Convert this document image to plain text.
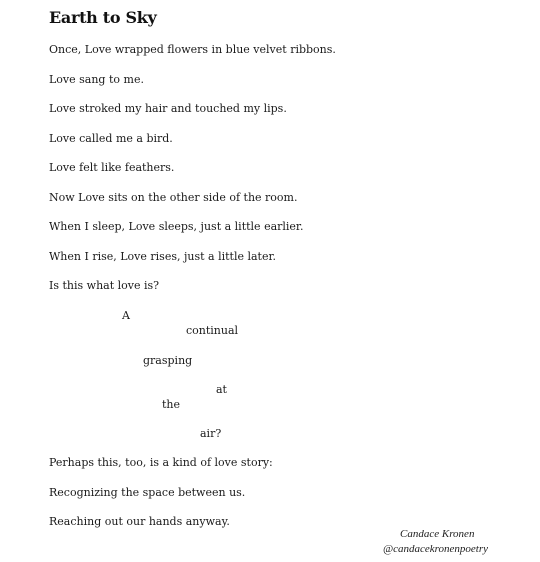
Earth to Sky
Once, Love wrapped flowers in blue velvet ribbons.
Love sang to me.
Love stroked my hair and touched my lips.
Love called me a bird.
Love felt like feathers.
Now Love sits on the other side of the room.
When I sleep, Love sleeps, just a little earlier.
When I rise, Love rises, just a little later.
Is this what love is?
A
continual
grasping
at
the
air?
Perhaps this, too, is a kind of love story:
Recognizing the space between us.
Reaching out our hands anyway.
Candace Kronen
@candacekronenpoetry
